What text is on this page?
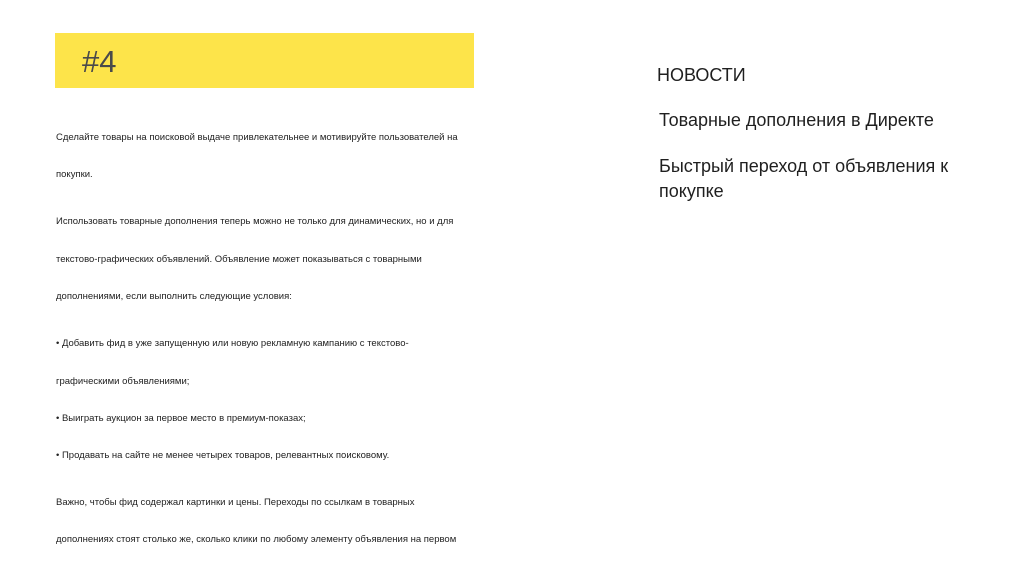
#4	НОВОСТИ
Товарные дополнения в Директе
Быстрый переход от объявления к покупке
Сделайте товары на поисковой выдаче привлекательнее и мотивируйте пользователей на
покупки.
Использовать товарные дополнения теперь можно не только для динамических, но и для
текстово-графических объявлений. Объявление может показываться с товарными
дополнениями, если выполнить следующие условия:
• Добавить фид в уже запущенную или новую рекламную кампанию с текстово-
графическими объявлениями;
• Выиграть аукцион за первое место в премиум-показах;
• Продавать на сайте не менее четырех товаров, релевантных поисковому.
Важно, чтобы фид содержал картинки и цены. Переходы по ссылкам в товарных
дополнениях стоят столько же, сколько клики по любому элементу объявления на первом
